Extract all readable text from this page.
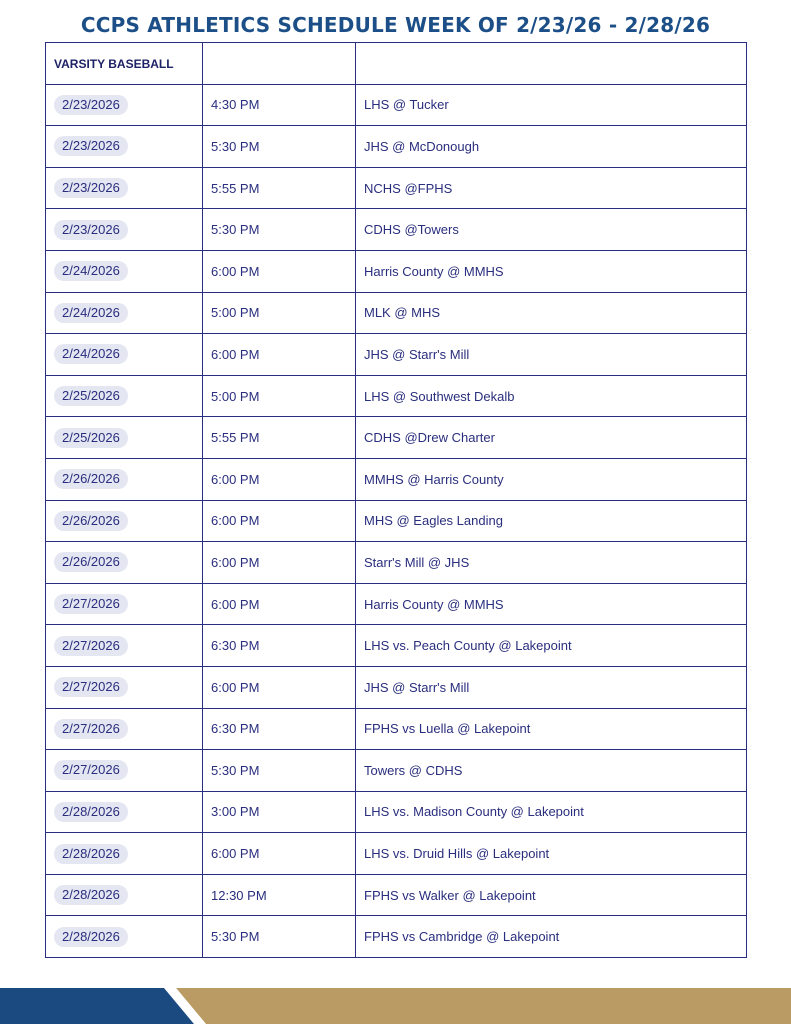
CCPS ATHLETICS SCHEDULE WEEK OF 2/23/26 - 2/28/26
VARSITY BASEBALL		
2/23/2026	4:30 PM	LHS @ Tucker
2/23/2026	5:30 PM	JHS @ McDonough
2/23/2026	5:55 PM	NCHS @FPHS
2/23/2026	5:30 PM	CDHS @Towers
2/24/2026	6:00 PM	Harris County @ MMHS
2/24/2026	5:00 PM	MLK @ MHS
2/24/2026	6:00 PM	JHS @ Starr's Mill
2/25/2026	5:00 PM	LHS @ Southwest Dekalb
2/25/2026	5:55 PM	CDHS @Drew Charter
2/26/2026	6:00 PM	MMHS @ Harris County
2/26/2026	6:00 PM	MHS @ Eagles Landing
2/26/2026	6:00 PM	Starr's Mill @ JHS
2/27/2026	6:00 PM	Harris County @ MMHS
2/27/2026	6:30 PM	LHS vs. Peach County @ Lakepoint
2/27/2026	6:00 PM	JHS @ Starr's Mill
2/27/2026	6:30 PM	FPHS vs Luella @ Lakepoint
2/27/2026	5:30 PM	Towers @ CDHS
2/28/2026	3:00 PM	LHS vs. Madison County @ Lakepoint
2/28/2026	6:00 PM	LHS vs. Druid Hills @ Lakepoint
2/28/2026	12:30 PM	FPHS vs Walker @ Lakepoint
2/28/2026	5:30 PM	FPHS vs Cambridge @ Lakepoint
